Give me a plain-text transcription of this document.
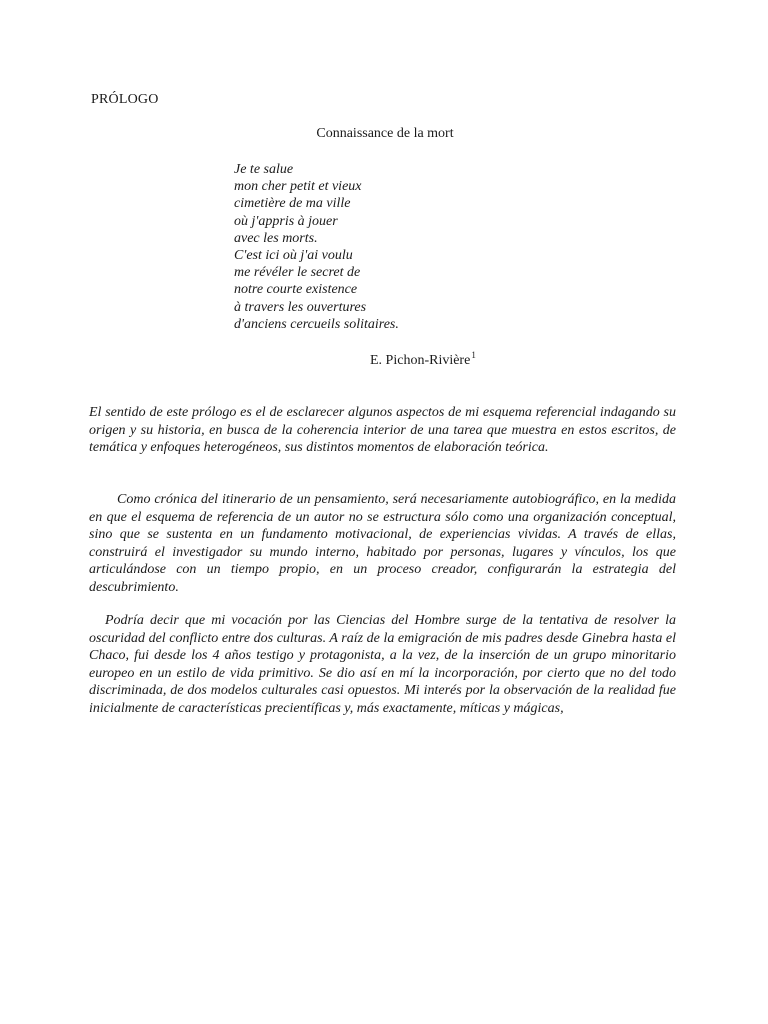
PRÓLOGO
Connaissance de la mort
Je te salue
mon cher petit et vieux
cimetière de ma ville
où j'appris à jouer
avec les morts.
C'est ici où j'ai voulu
me révéler le secret de
notre courte existence
à travers les ouvertures
d'anciens cercueils solitaires.
E. Pichon-Rivière$^1$

El sentido de este prólogo es el de esclarecer algunos aspectos de mi esquema referencial indagando su origen y su historia, en busca de la coherencia interior de una tarea que muestra en estos escritos, de temática y enfoques heterogéneos, sus distintos momentos de elaboración teórica.

Como crónica del itinerario de un pensamiento, será necesariamente autobiográfico, en la medida en que el esquema de referencia de un autor no se estructura sólo como una organización conceptual, sino que se sustenta en un fundamento motivacional, de experiencias vividas. A través de ellas, construirá el investigador su mundo interno, habitado por personas, lugares y vínculos, los que articulándose con un tiempo propio, en un proceso creador, configurarán la estrategia del descubrimiento.

Podría decir que mi vocación por las Ciencias del Hombre surge de la tentativa de resolver la oscuridad del conflicto entre dos culturas. A raíz de la emigración de mis padres desde Ginebra hasta el Chaco, fui desde los 4 años testigo y protagonista, a la vez, de la inserción de un grupo minoritario europeo en un estilo de vida primitivo. Se dio así en mí la incorporación, por cierto que no del todo discriminada, de dos modelos culturales casi opuestos. Mi interés por la observación de la realidad fue inicialmente de características precientíficas y, más exactamente, míticas y mágicas,
